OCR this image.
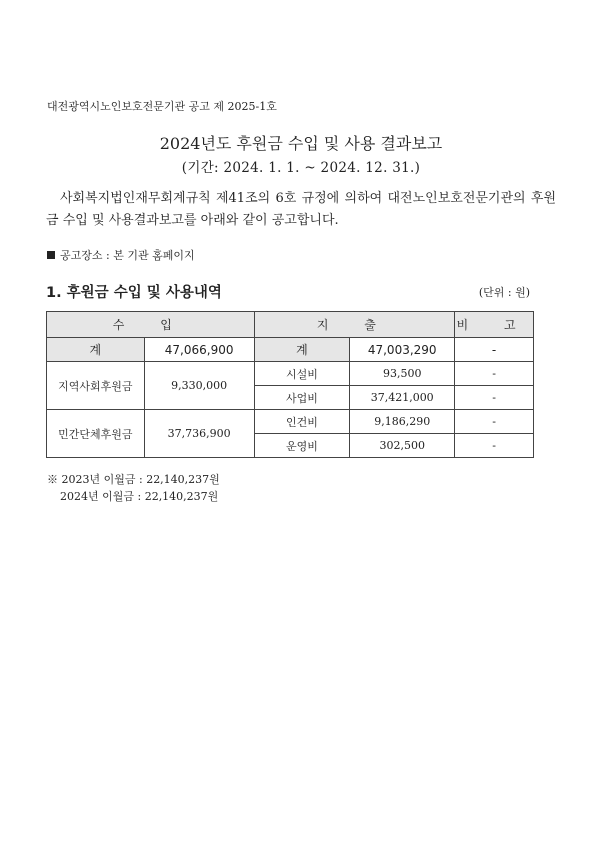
대전광역시노인보호전문기관 공고 제 2025-1호
2024년도 후원금 수입 및 사용 결과보고
(기간: 2024. 1. 1. ~ 2024. 12. 31.)
사회복지법인재무회계규칙 제41조의 6호 규정에 의하여 대전노인보호전문기관의 후원금 수입 및 사용결과보고를 아래와 같이 공고합니다.
공고장소 : 본 기관 홈페이지
1. 후원금 수입 및 사용내역	(단위 : 원)
수 입		지 출		비 고
계	47,066,900	계	47,003,290	-
지역사회후원금	9,330,000	시설비	93,500	-
		사업비	37,421,000	-
민간단체후원금	37,736,900	인건비	9,186,290	-
		운영비	302,500	-
※ 2023년 이월금 : 22,140,237원
2024년 이월금 : 22,140,237원
